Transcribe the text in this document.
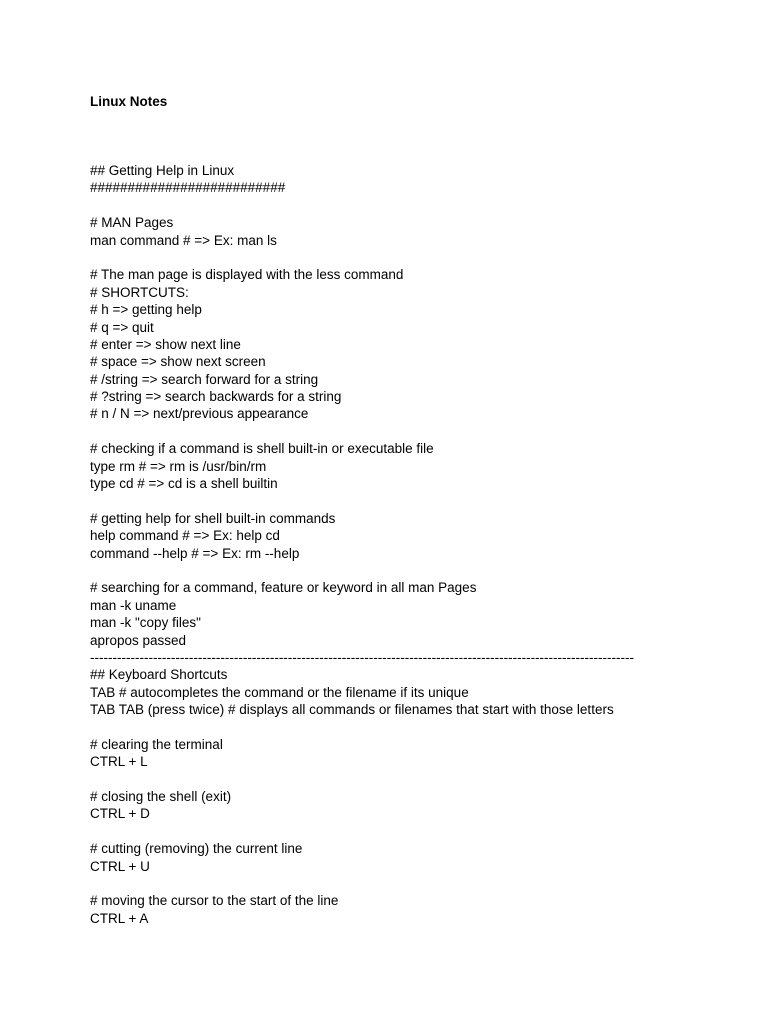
Linux Notes
## Getting Help in Linux
##########################
# MAN Pages
man command # => Ex: man ls
# The man page is displayed with the less command
# SHORTCUTS:
# h => getting help
# q => quit
# enter => show next line
# space => show next screen
# /string => search forward for a string
# ?string => search backwards for a string
# n / N => next/previous appearance
# checking if a command is shell built-in or executable file
type rm # => rm is /usr/bin/rm
type cd # => cd is a shell builtin
# getting help for shell built-in commands
help command # => Ex: help cd
command --help # => Ex: rm --help
# searching for a command, feature or keyword in all man Pages
man -k uname
man -k "copy files"
apropos passed
-------------------------------------------------------------------------------------------------------------------------
## Keyboard Shortcuts
TAB # autocompletes the command or the filename if its unique
TAB TAB (press twice) # displays all commands or filenames that start with those letters
# clearing the terminal
CTRL + L
# closing the shell (exit)
CTRL + D
# cutting (removing) the current line
CTRL + U
# moving the cursor to the start of the line
CTRL + A
